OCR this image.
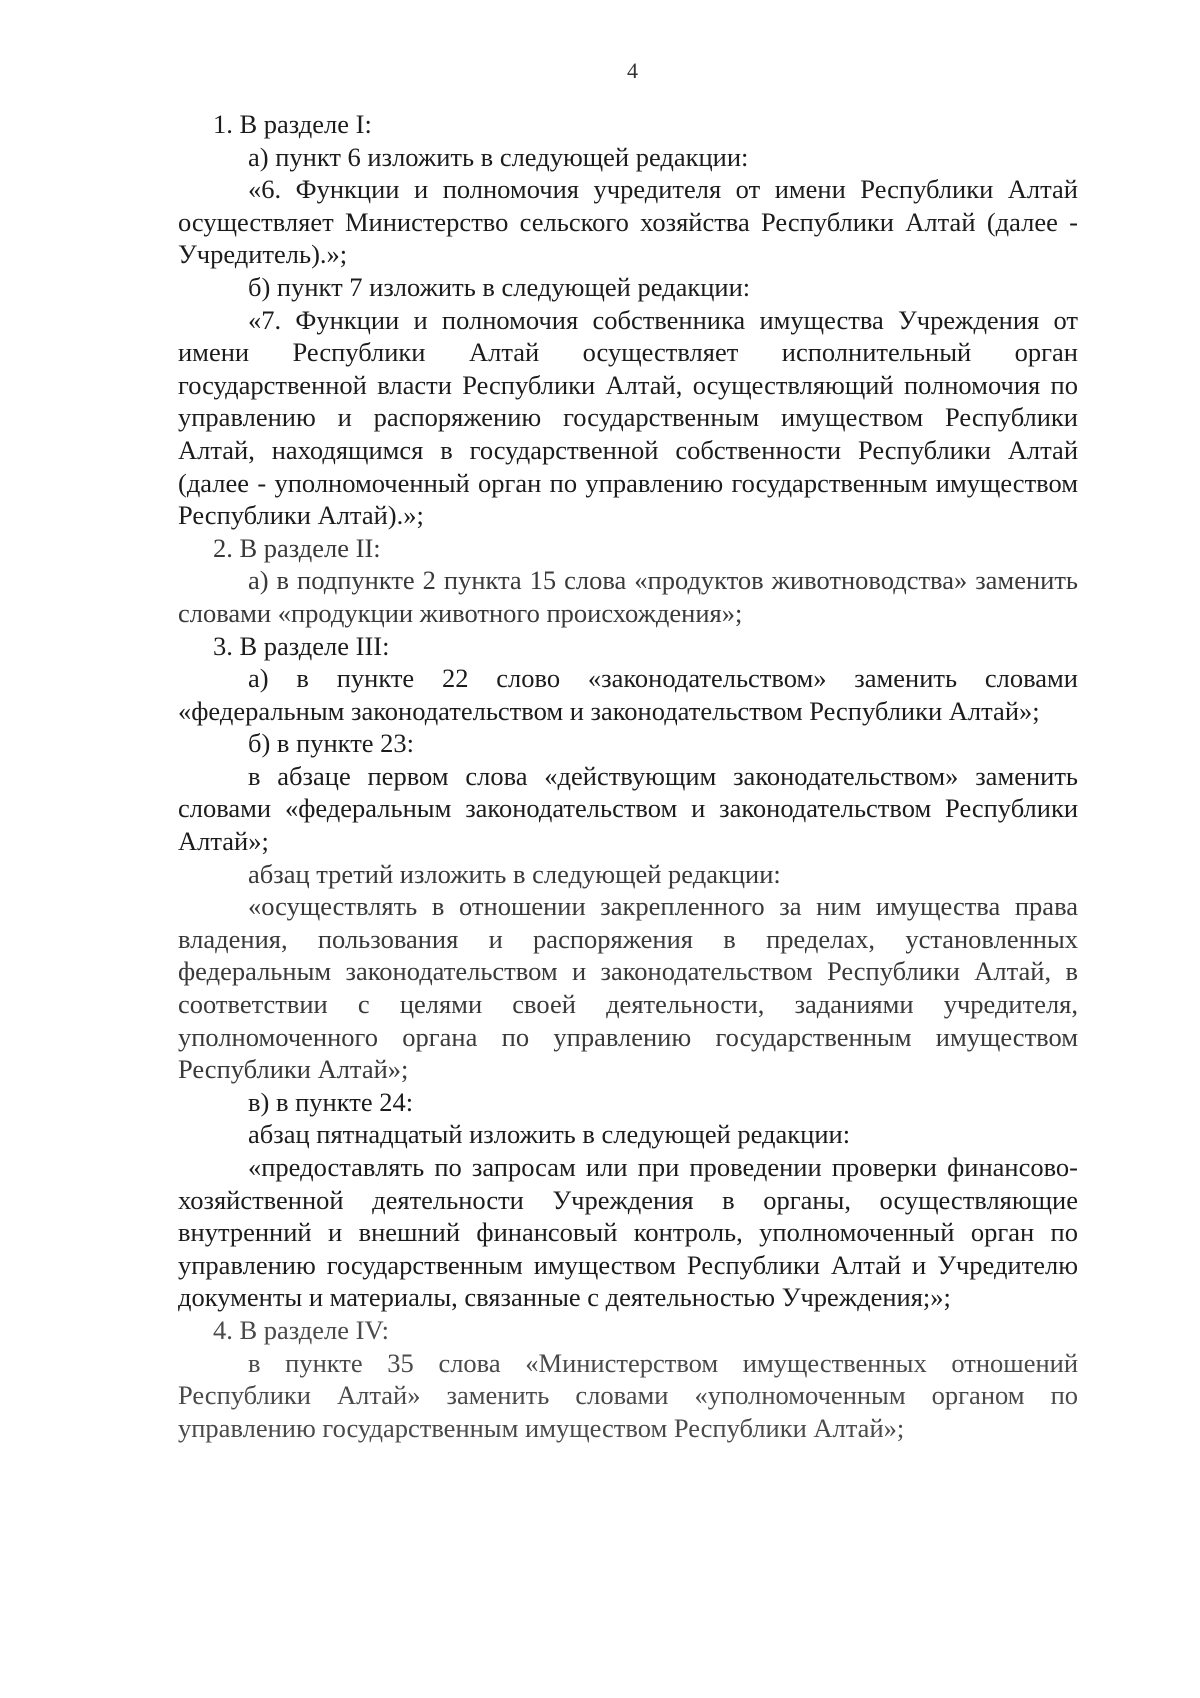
4

1. В разделе I:

а) пункт 6 изложить в следующей редакции:

«6. Функции и полномочия учредителя от имени Республики Алтай осуществляет Министерство сельского хозяйства Республики Алтай (далее - Учредитель).»;

б) пункт 7 изложить в следующей редакции:

«7. Функции и полномочия собственника имущества Учреждения от имени Республики Алтай осуществляет исполнительный орган государственной власти Республики Алтай, осуществляющий полномочия по управлению и распоряжению государственным имуществом Республики Алтай, находящимся в государственной собственности Республики Алтай (далее - уполномоченный орган по управлению государственным имуществом Республики Алтай).»;

2. В разделе II:

а) в подпункте 2 пункта 15 слова «продуктов животноводства» заменить словами «продукции животного происхождения»;

3. В разделе III:

а) в пункте 22 слово «законодательством» заменить словами «федеральным законодательством и законодательством Республики Алтай»;

б) в пункте 23:

в абзаце первом слова «действующим законодательством» заменить словами «федеральным законодательством и законодательством Республики Алтай»;

абзац третий изложить в следующей редакции:

«осуществлять в отношении закрепленного за ним имущества права владения, пользования и распоряжения в пределах, установленных федеральным законодательством и законодательством Республики Алтай, в соответствии с целями своей деятельности, заданиями учредителя, уполномоченного органа по управлению государственным имуществом Республики Алтай»;

в) в пункте 24:

абзац пятнадцатый изложить в следующей редакции:

«предоставлять по запросам или при проведении проверки финансово-хозяйственной деятельности Учреждения в органы, осуществляющие внутренний и внешний финансовый контроль, уполномоченный орган по управлению государственным имуществом Республики Алтай и Учредителю документы и материалы, связанные с деятельностью Учреждения;»;

4. В разделе IV:

в пункте 35 слова «Министерством имущественных отношений Республики Алтай» заменить словами «уполномоченным органом по управлению государственным имуществом Республики Алтай»;
